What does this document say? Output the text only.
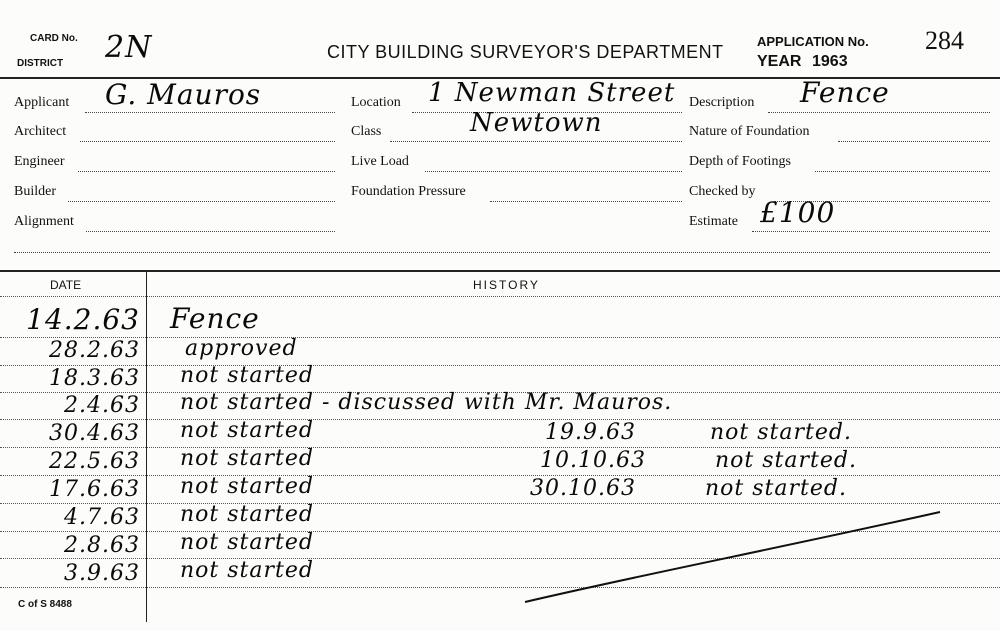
CARD No.
DISTRICT 2N	CITY BUILDING SURVEYOR'S DEPARTMENT
APPLICATION No. 284
YEAR 1963
Applicant G. Mauros
Architect
Engineer
Builder
Alignment
Location 1 Newman Street
Class	Newtown
Live Load
Foundation Pressure
Description Fence
Nature of Foundation
Depth of Footings
Checked by
Estimate £100
DATE	HISTORY
14.2.63 Fence
28.2.63 approved
18.3.63 not started
2.4.63 not started - discussed with Mr. Mauros.
30.4.63 not started	19.9.63	not started.
22.5.63 not started	10.10.63	not started.
17.6.63 not started	30.10.63	not started.
4.7.63 not started
2.8.63 not started
3.9.63 not started
C of S 8488
